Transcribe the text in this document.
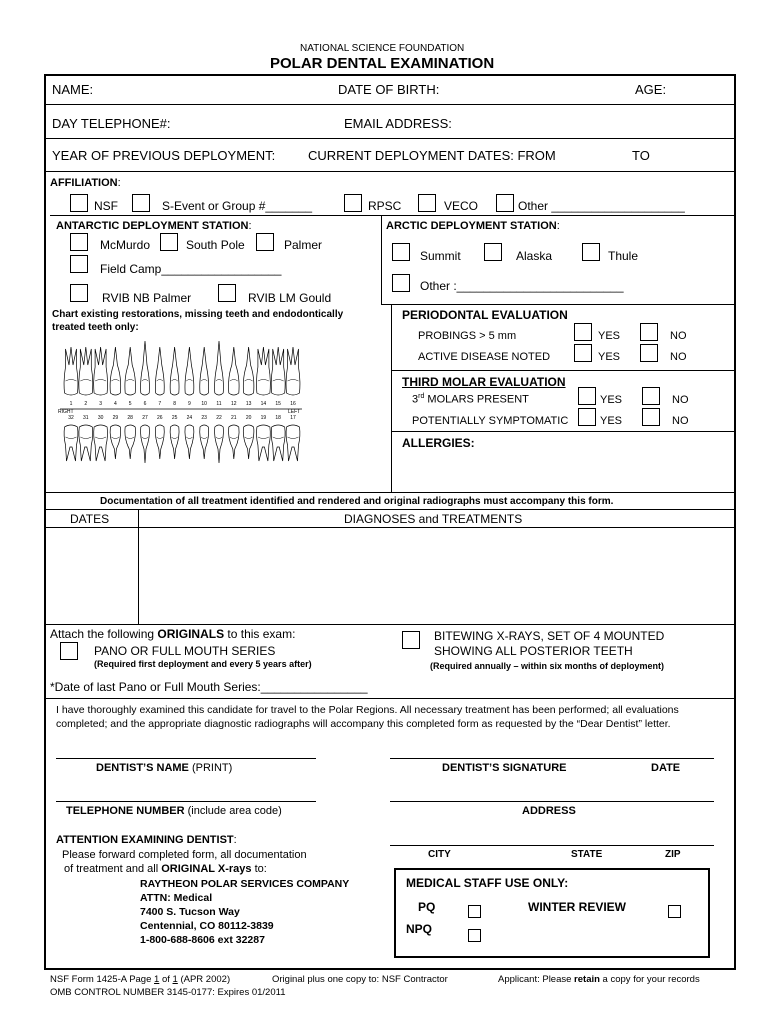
NATIONAL SCIENCE FOUNDATION
POLAR DENTAL EXAMINATION
NAME:	DATE OF BIRTH:	AGE:
DAY TELEPHONE#:	EMAIL ADDRESS:
YEAR OF PREVIOUS DEPLOYMENT:	CURRENT DEPLOYMENT DATES: FROM	TO
AFFILIATION:
NSF	S-Event or Group #_______	RPSC	VECO	Other ____________________
ANTARCTIC DEPLOYMENT STATION:
McMurdo	South Pole	Palmer
Field Camp__________________
RVIB NB Palmer	RVIB LM Gould
ARCTIC DEPLOYMENT STATION:
Summit	Alaska	Thule
Other :_________________________
Chart existing restorations, missing teeth and endodontically
treated teeth only:
1 2 3 4 5 6 7 8 9 10 11 12 13 14 15 16
32 31 30 29 28 27 26 25 24 23 22 21 20 19 18 17
RIGHT	LEFT
PERIODONTAL EVALUATION
PROBINGS > 5 mm	YES	NO
ACTIVE DISEASE NOTED	YES	NO
THIRD MOLAR EVALUATION
3rd MOLARS PRESENT	YES	NO
POTENTIALLY SYMPTOMATIC	YES	NO
ALLERGIES:
Documentation of all treatment identified and rendered and original radiographs must accompany this form.
DATES	DIAGNOSES and TREATMENTS
Attach the following ORIGINALS to this exam:
PANO OR FULL MOUTH SERIES
(Required first deployment and every 5 years after)
BITEWING X-RAYS, SET OF 4 MOUNTED
SHOWING ALL POSTERIOR TEETH
(Required annually – within six months of deployment)
*Date of last Pano or Full Mouth Series:________________
I have thoroughly examined this candidate for travel to the Polar Regions. All necessary treatment has been performed; all evaluations
completed; and the appropriate diagnostic radiographs will accompany this completed form as requested by the “Dear Dentist” letter.
DENTIST’S NAME (PRINT)	DENTIST’S SIGNATURE	DATE
TELEPHONE NUMBER (include area code)	ADDRESS
ATTENTION EXAMINING DENTIST:
Please forward completed form, all documentation
of treatment and all ORIGINAL X-rays to:
RAYTHEON POLAR SERVICES COMPANY
ATTN: Medical
7400 S. Tucson Way
Centennial, CO 80112-3839
1-800-688-8606 ext 32287
CITY	STATE	ZIP
MEDICAL STAFF USE ONLY:
PQ	WINTER REVIEW
NPQ
NSF Form 1425-A Page 1 of 1 (APR 2002)	Original plus one copy to: NSF Contractor	Applicant: Please retain a copy for your records
OMB CONTROL NUMBER 3145-0177: Expires 01/2011
